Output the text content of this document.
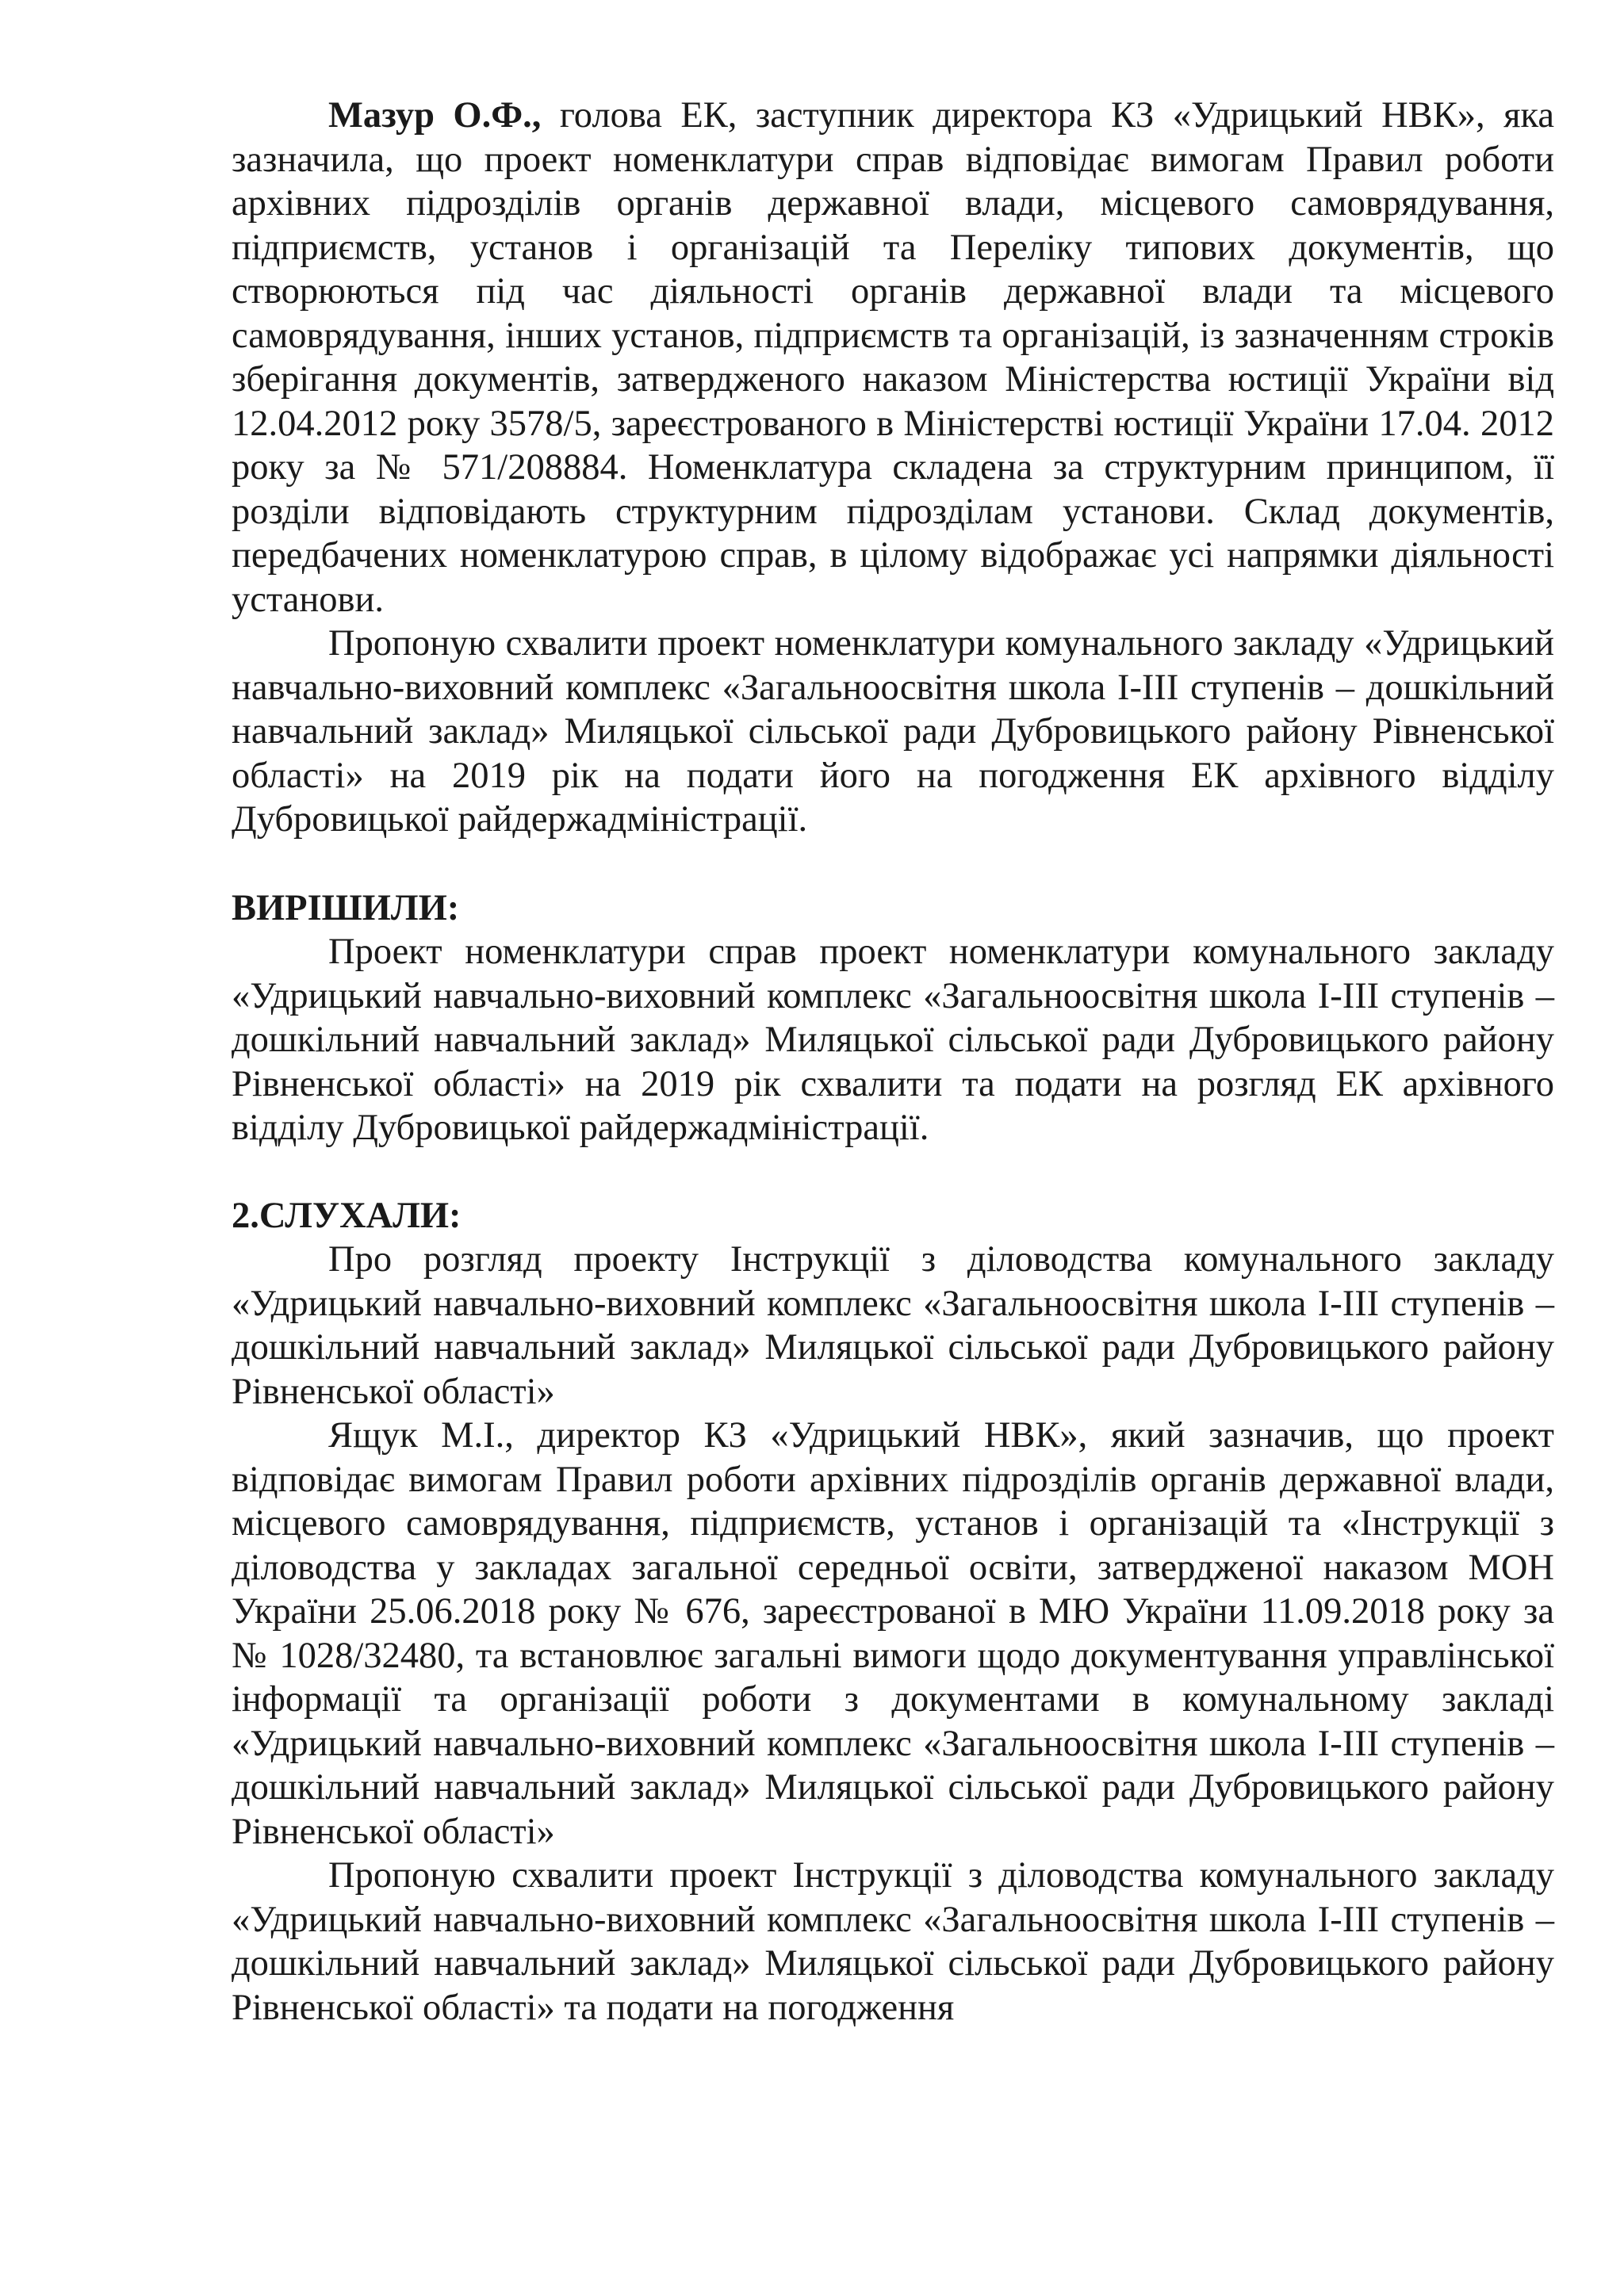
Мазур О.Ф., голова ЕК, заступник директора КЗ «Удрицький НВК», яка зазначила, що проект номенклатури справ відповідає вимогам Правил роботи архівних підрозділів органів державної влади, місцевого самоврядування, підприємств, установ і організацій та Переліку типових документів, що створюються під час діяльності органів державної влади та місцевого самоврядування, інших установ, підприємств та організацій, із зазначенням строків зберігання документів, затвердженого наказом Міністерства юстиції України від 12.04.2012 року 3578/5, зареєстрованого в Міністерстві юстиції України 17.04. 2012 року за № 571/208884. Номенклатура складена за структурним принципом, її розділи відповідають структурним підрозділам установи. Склад документів, передбачених номенклатурою справ, в цілому відображає усі напрямки діяльності установи.

Пропоную схвалити проект номенклатури комунального закладу «Удрицький навчально-виховний комплекс «Загальноосвітня школа І-ІІІ ступенів – дошкільний навчальний заклад» Миляцької сільської ради Дубровицького району Рівненської області» на 2019 рік на подати його на погодження ЕК архівного відділу Дубровицької райдержадміністрації.

ВИРІШИЛИ:

Проект номенклатури справ проект номенклатури комунального закладу «Удрицький навчально-виховний комплекс «Загальноосвітня школа І-ІІІ ступенів – дошкільний навчальний заклад» Миляцької сільської ради Дубровицького району Рівненської області» на 2019 рік схвалити та подати на розгляд ЕК архівного відділу Дубровицької райдержадміністрації.

2.СЛУХАЛИ:

Про розгляд проекту Інструкції з діловодства комунального закладу «Удрицький навчально-виховний комплекс «Загальноосвітня школа І-ІІІ ступенів – дошкільний навчальний заклад» Миляцької сільської ради Дубровицького району Рівненської області»

Ящук М.І., директор КЗ «Удрицький НВК», який зазначив, що проект відповідає вимогам Правил роботи архівних підрозділів органів державної влади, місцевого самоврядування, підприємств, установ і організацій та «Інструкції з діловодства у закладах загальної середньої освіти, затвердженої наказом МОН України 25.06.2018 року № 676, зареєстрованої в МЮ України 11.09.2018 року за № 1028/32480, та встановлює загальні вимоги щодо документування управлінської інформації та організації роботи з документами в комунальному закладі «Удрицький навчально-виховний комплекс «Загальноосвітня школа І-ІІІ ступенів – дошкільний навчальний заклад» Миляцької сільської ради Дубровицького району Рівненської області»

Пропоную схвалити проект Інструкції з діловодства комунального закладу «Удрицький навчально-виховний комплекс «Загальноосвітня школа І-ІІІ ступенів – дошкільний навчальний заклад» Миляцької сільської ради Дубровицького району Рівненської області» та подати на погодження
